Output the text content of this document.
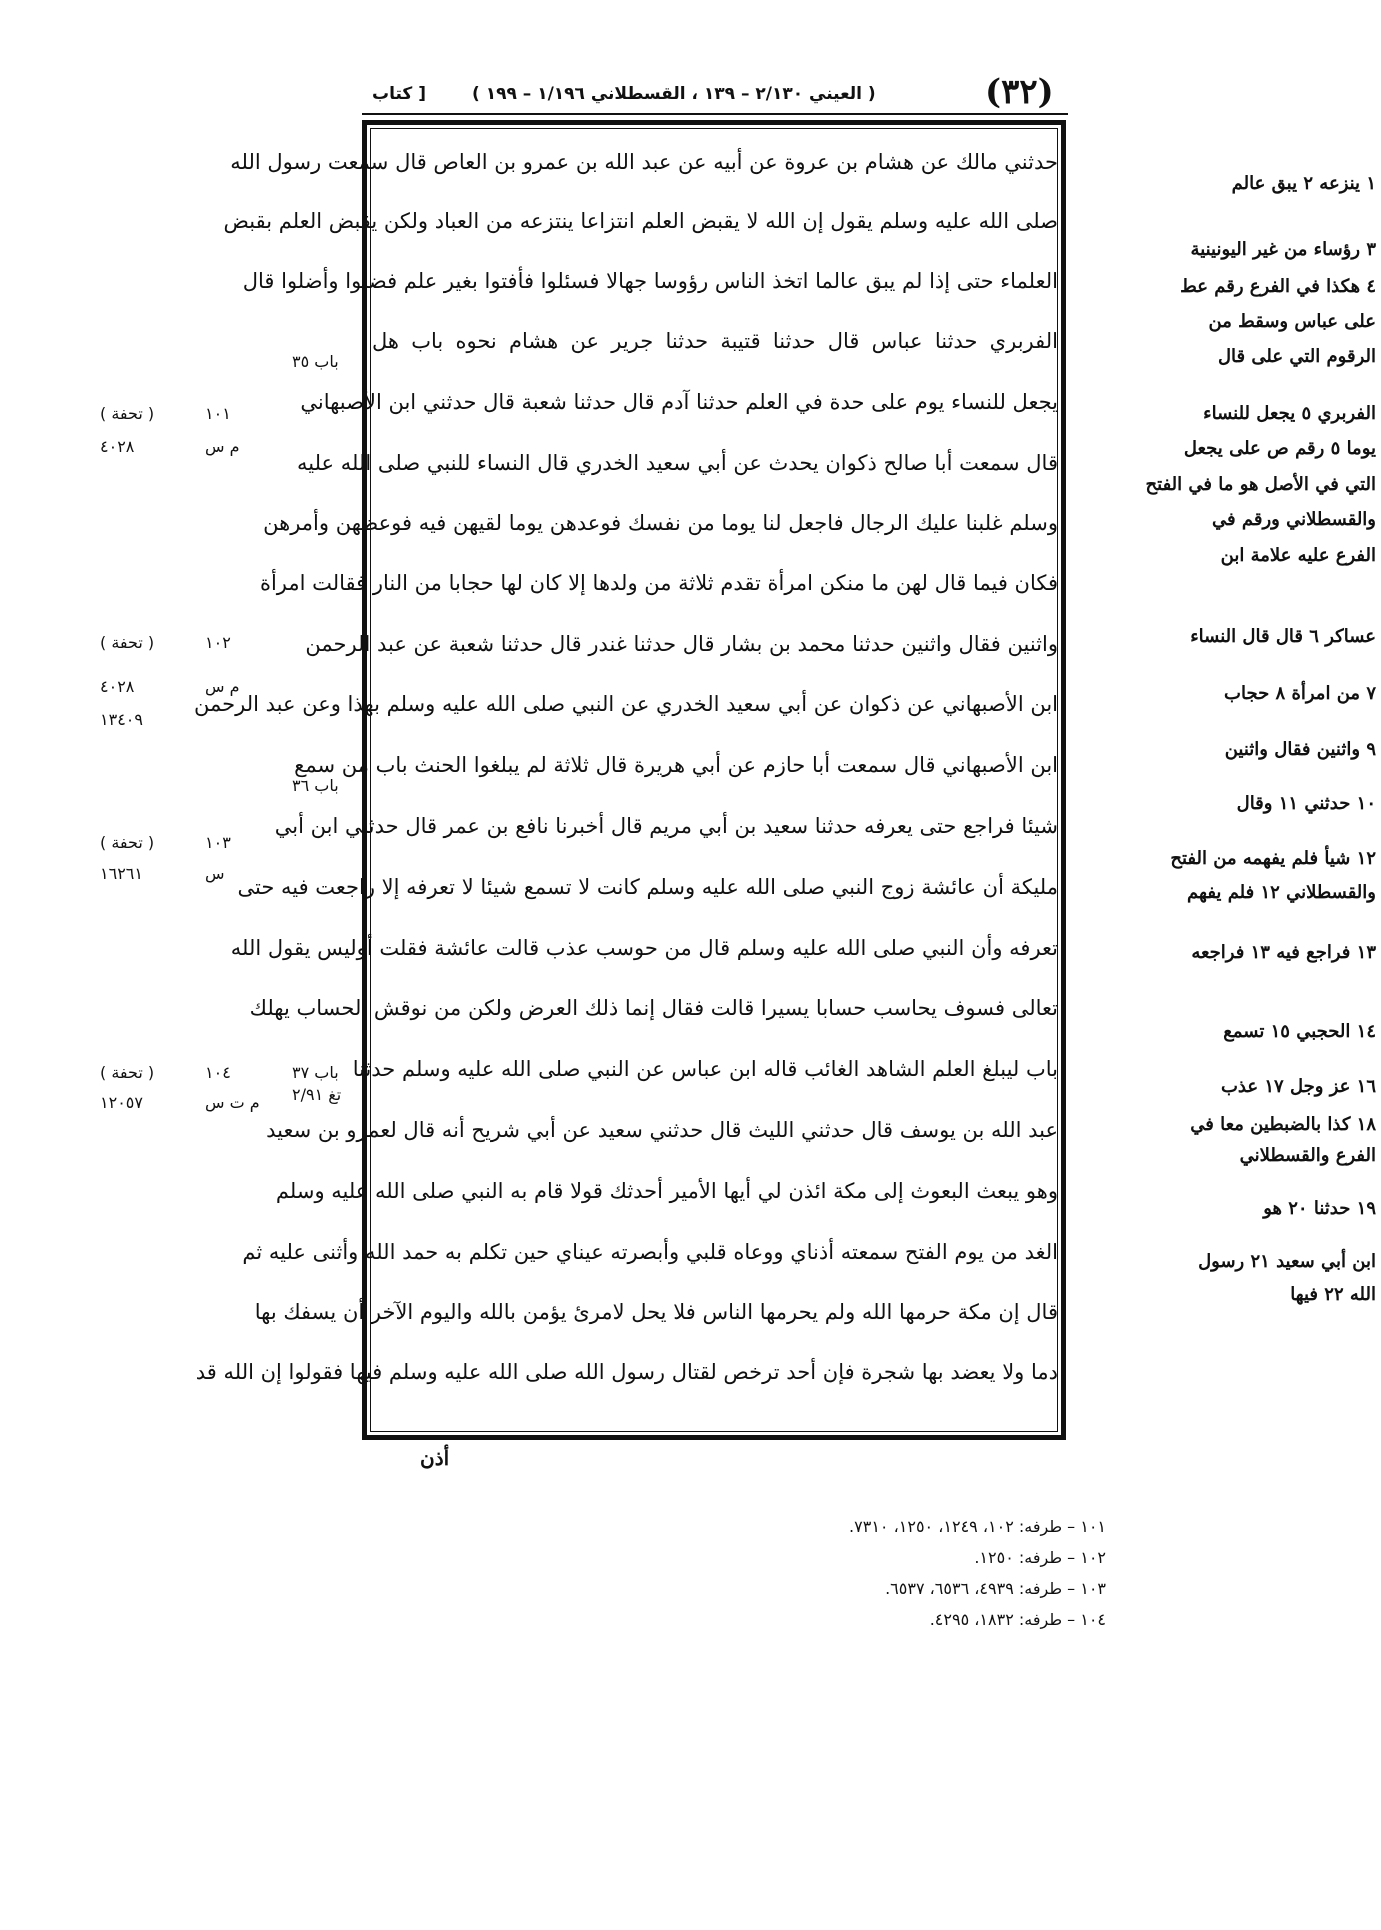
كتاب ]	( العيني ٢/١٣٠ – ١٣٩ ، القسطلاني ١/١٩٦ – ١٩٩ )	(٣٢)
حدثني مالك عن هشام بن عروة عن أبيه عن عبد الله بن عمرو بن العاص قال سمعت رسول الله
صلى الله عليه وسلم يقول إن الله لا يقبض العلم انتزاعا ينتزعه من العباد ولكن يقبض العلم بقبض
العلماء حتى إذا لم يبق عالما اتخذ الناس رؤوسا جهالا فسئلوا فأفتوا بغير علم فضلوا وأضلوا قال
الفربري حدثنا عباس قال حدثنا قتيبة حدثنا جرير عن هشام نحوه باب هل
يجعل للنساء يوم على حدة في العلم حدثنا آدم قال حدثنا شعبة قال حدثني ابن الأصبهاني
قال سمعت أبا صالح ذكوان يحدث عن أبي سعيد الخدري قال النساء للنبي صلى الله عليه
وسلم غلبنا عليك الرجال فاجعل لنا يوما من نفسك فوعدهن يوما لقيهن فيه فوعظهن وأمرهن
فكان فيما قال لهن ما منكن امرأة تقدم ثلاثة من ولدها إلا كان لها حجابا من النار فقالت امرأة
واثنين فقال واثنين حدثنا محمد بن بشار قال حدثنا غندر قال حدثنا شعبة عن عبد الرحمن
ابن الأصبهاني عن ذكوان عن أبي سعيد الخدري عن النبي صلى الله عليه وسلم بهذا وعن عبد الرحمن
ابن الأصبهاني قال سمعت أبا حازم عن أبي هريرة قال ثلاثة لم يبلغوا الحنث باب من سمع
شيئا فراجع حتى يعرفه حدثنا سعيد بن أبي مريم قال أخبرنا نافع بن عمر قال حدثني ابن أبي
مليكة أن عائشة زوج النبي صلى الله عليه وسلم كانت لا تسمع شيئا لا تعرفه إلا راجعت فيه حتى
تعرفه وأن النبي صلى الله عليه وسلم قال من حوسب عذب قالت عائشة فقلت أوليس يقول الله
تعالى فسوف يحاسب حسابا يسيرا قالت فقال إنما ذلك العرض ولكن من نوقش الحساب يهلك
باب ليبلغ العلم الشاهد الغائب قاله ابن عباس عن النبي صلى الله عليه وسلم حدثنا
عبد الله بن يوسف قال حدثني الليث قال حدثني سعيد عن أبي شريح أنه قال لعمرو بن سعيد
وهو يبعث البعوث إلى مكة ائذن لي أيها الأمير أحدثك قولا قام به النبي صلى الله عليه وسلم
الغد من يوم الفتح سمعته أذناي ووعاه قلبي وأبصرته عيناي حين تكلم به حمد الله وأثنى عليه ثم
قال إن مكة حرمها الله ولم يحرمها الناس فلا يحل لامرئ يؤمن بالله واليوم الآخر أن يسفك بها
دما ولا يعضد بها شجرة فإن أحد ترخص لقتال رسول الله صلى الله عليه وسلم فيها فقولوا إن الله قد
أذن
باب ٣٥
باب ٣٦
باب ٣٧
تغ ٢/٩١
١٠١
( تحفة )
م س
٤٠٢٨
١٠٢
( تحفة )
م س
٤٠٢٨
١٣٤٠٩
١٠٣
( تحفة )
س
١٦٢٦١
١٠٤
( تحفة )
م ت س
١٢٠٥٧
١ ينزعه ٢ يبق عالم
٣ رؤساء من غير اليونينية
٤ هكذا في الفرع رقم عط
على عباس وسقط من
الرقوم التي على قال
الفربري ٥ يجعل للنساء
يوما ٥ رقم ص على يجعل
التي في الأصل هو ما في الفتح
والقسطلاني ورقم في
الفرع عليه علامة ابن
عساكر ٦ قال قال النساء
٧ من امرأة ٨ حجاب
٩ واثنين فقال واثنين
١٠ حدثني ١١ وقال
١٢ شيأ فلم يفهمه من الفتح
والقسطلاني ١٢ فلم يفهم
١٣ فراجع فيه ١٣ فراجعه
١٤ الحجبي ١٥ تسمع
١٦ عز وجل ١٧ عذب
١٨ كذا بالضبطين معا في
الفرع والقسطلاني
١٩ حدثنا ٢٠ هو
ابن أبي سعيد ٢١ رسول
الله ٢٢ فيها
١٠١ – طرفه: ١٠٢، ١٢٤٩، ١٢٥٠، ٧٣١٠.
١٠٢ – طرفه: ١٢٥٠.
١٠٣ – طرفه: ٤٩٣٩، ٦٥٣٦، ٦٥٣٧.
١٠٤ – طرفه: ١٨٣٢، ٤٢٩٥.
